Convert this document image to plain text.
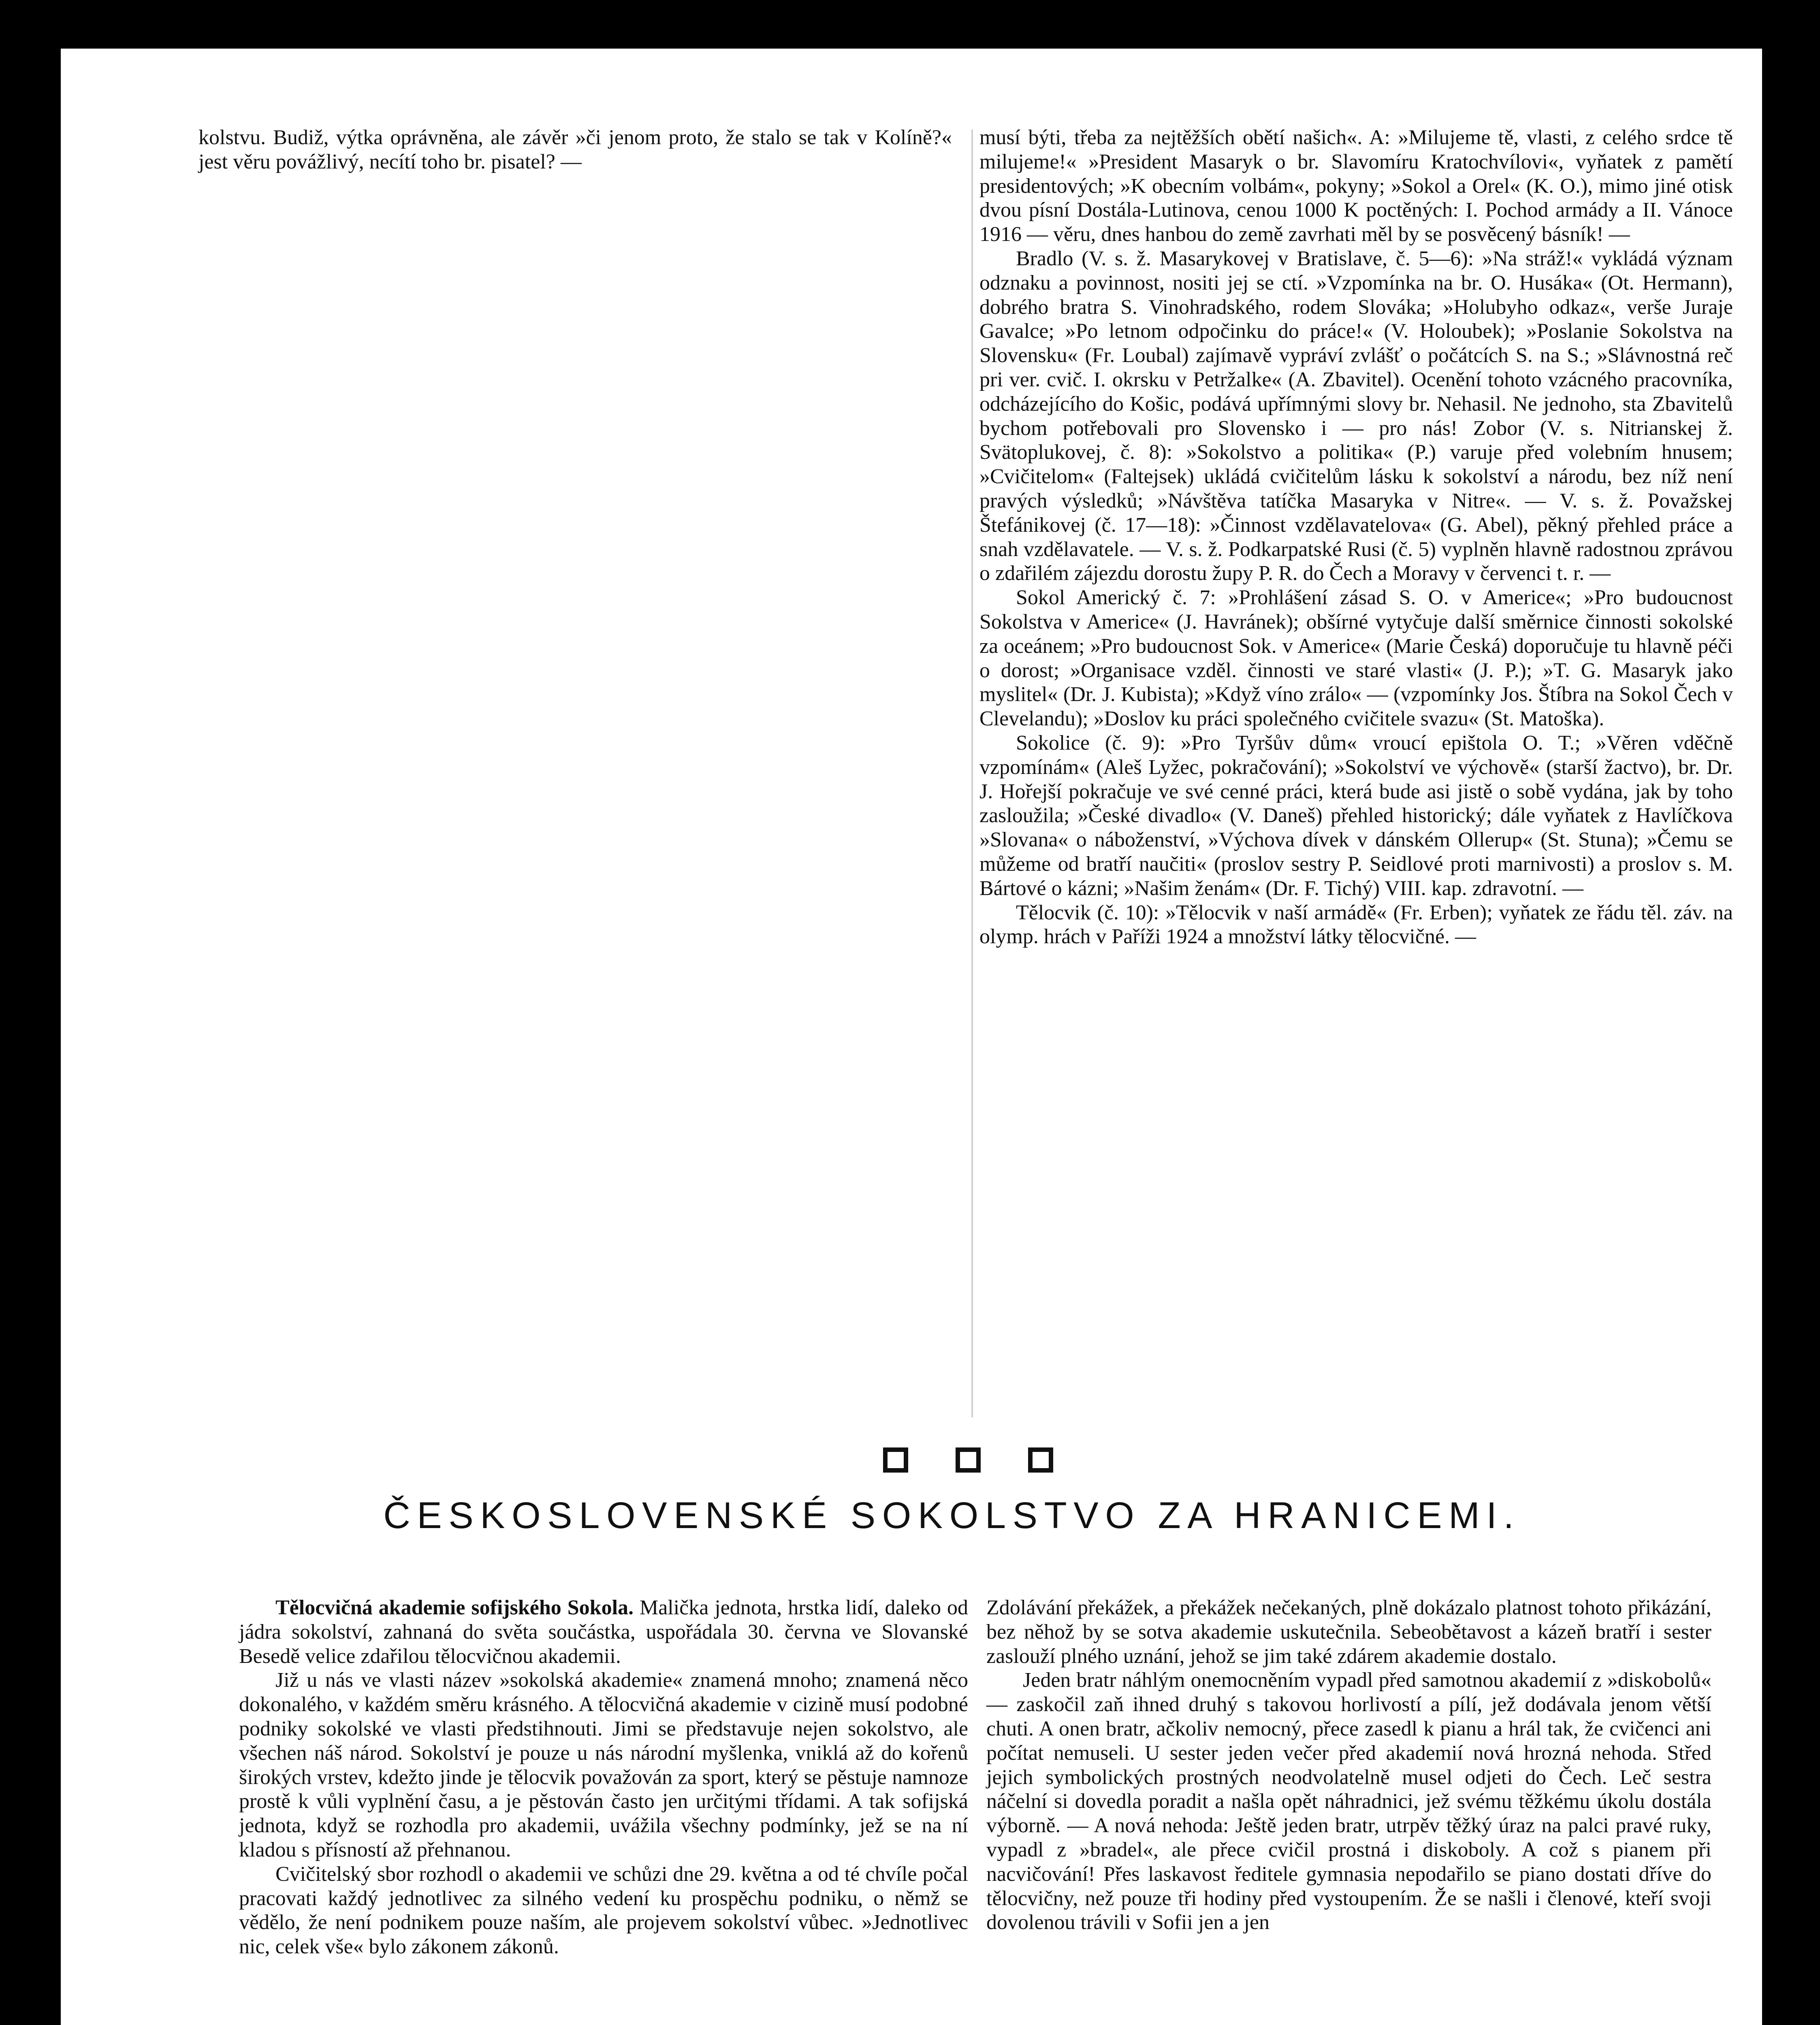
kolstvu. Budiž, výtka oprávněna, ale závěr »či jenom proto, že stalo se tak v Kolíně?« jest věru povážlivý, necítí toho br. pisatel? —

musí býti, třeba za nejtěžších obětí našich«. A: »Milujeme tě, vlasti, z celého srdce tě milujeme!« »President Masaryk o br. Slavomíru Kratochvílovi«, vyňatek z pamětí presidentových; »K obecním volbám«, pokyny; »Sokol a Orel« (K. O.), mimo jiné otisk dvou písní Dostála-Lutinova, cenou 1000 K poctěných: I. Pochod armády a II. Vánoce 1916 — věru, dnes hanbou do země zavrhati měl by se posvěcený básník! —

Bradlo (V. s. ž. Masarykovej v Bratislave, č. 5—6): »Na stráž!« vykládá význam odznaku a povinnost, nositi jej se ctí. »Vzpomínka na br. O. Husáka« (Ot. Hermann), dobrého bratra S. Vinohradského, rodem Slováka; »Holubyho odkaz«, verše Juraje Gavalce; »Po letnom odpočinku do práce!« (V. Holoubek); »Poslanie Sokolstva na Slovensku« (Fr. Loubal) zajímavě vypráví zvlášť o počátcích S. na S.; »Slávnostná reč pri ver. cvič. I. okrsku v Petržalke« (A. Zbavitel). Ocenění tohoto vzácného pracovníka, odcházejícího do Košic, podává upřímnými slovy br. Nehasil. Ne jednoho, sta Zbavitelů bychom potřebovali pro Slovensko i — pro nás! Zobor (V. s. Nitrianskej ž. Svätoplukovej, č. 8): »Sokolstvo a politika« (P.) varuje před volebním hnusem; »Cvičitelom« (Faltejsek) ukládá cvičitelům lásku k sokolství a národu, bez níž není pravých výsledků; »Návštěva tatíčka Masaryka v Nitre«. — V. s. ž. Považskej Štefánikovej (č. 17—18): »Činnost vzdělavatelova« (G. Abel), pěkný přehled práce a snah vzdělavatele. — V. s. ž. Podkarpatské Rusi (č. 5) vyplněn hlavně radostnou zprávou o zdařilém zájezdu dorostu župy P. R. do Čech a Moravy v červenci t. r. —

Sokol Americký č. 7: »Prohlášení zásad S. O. v Americe«; »Pro budoucnost Sokolstva v Americe« (J. Havránek); obšírné vytyčuje další směrnice činnosti sokolské za oceánem; »Pro budoucnost Sok. v Americe« (Marie Česká) doporučuje tu hlavně péči o dorost; »Organisace vzděl. činnosti ve staré vlasti« (J. P.); »T. G. Masaryk jako myslitel« (Dr. J. Kubista); »Když víno zrálo« — (vzpomínky Jos. Štíbra na Sokol Čech v Clevelandu); »Doslov ku práci společného cvičitele svazu« (St. Matoška).

Sokolice (č. 9): »Pro Tyršův dům« vroucí epištola O. T.; »Věren vděčně vzpomínám« (Aleš Lyžec, pokračování); »Sokolství ve výchově« (starší žactvo), br. Dr. J. Hořejší pokračuje ve své cenné práci, která bude asi jistě o sobě vydána, jak by toho zasloužila; »České divadlo« (V. Daneš) přehled historický; dále vyňatek z Havlíčkova »Slovana« o náboženství, »Výchova dívek v dánském Ollerup« (St. Stuna); »Čemu se můžeme od bratří naučiti« (proslov sestry P. Seidlové proti marnivosti) a proslov s. M. Bártové o kázni; »Našim ženám« (Dr. F. Tichý) VIII. kap. zdravotní. —

Tělocvik (č. 10): »Tělocvik v naší armádě« (Fr. Erben); vyňatek ze řádu těl. záv. na olymp. hrách v Paříži 1924 a množství látky tělocvičné. —

ČESKOSLOVENSKÉ SOKOLSTVO ZA HRANICEMI.

Tělocvičná akademie sofijského Sokola. Malička jednota, hrstka lidí, daleko od jádra sokolství, zahnaná do světa součástka, uspořádala 30. června ve Slovanské Besedě velice zdařilou tělocvičnou akademii.

Již u nás ve vlasti název »sokolská akademie« znamená mnoho; znamená něco dokonalého, v každém směru krásného. A tělocvičná akademie v cizině musí podobné podniky sokolské ve vlasti předstihnouti. Jimi se představuje nejen sokolstvo, ale všechen náš národ. Sokolství je pouze u nás národní myšlenka, vniklá až do kořenů širokých vrstev, kdežto jinde je tělocvik považován za sport, který se pěstuje namnoze prostě k vůli vyplnění času, a je pěstován často jen určitými třídami. A tak sofijská jednota, když se rozhodla pro akademii, uvážila všechny podmínky, jež se na ní kladou s přísností až přehnanou.

Cvičitelský sbor rozhodl o akademii ve schůzi dne 29. května a od té chvíle počal pracovati každý jednotlivec za silného vedení ku prospěchu podniku, o němž se vědělo, že není podnikem pouze naším, ale projevem sokolství vůbec. »Jednotlivec nic, celek vše« bylo zákonem zákonů.

Zdolávání překážek, a překážek nečekaných, plně dokázalo platnost tohoto přikázání, bez něhož by se sotva akademie uskutečnila. Sebeobětavost a kázeň bratří i sester zaslouží plného uznání, jehož se jim také zdárem akademie dostalo.

Jeden bratr náhlým onemocněním vypadl před samotnou akademií z »diskobolů« — zaskočil zaň ihned druhý s takovou horlivostí a pílí, jež dodávala jenom větší chuti. A onen bratr, ačkoliv nemocný, přece zasedl k pianu a hrál tak, že cvičenci ani počítat nemuseli. U sester jeden večer před akademií nová hrozná nehoda. Střed jejich symbolických prostných neodvolatelně musel odjeti do Čech. Leč sestra náčelní si dovedla poradit a našla opět náhradnici, jež svému těžkému úkolu dostála výborně. — A nová nehoda: Ještě jeden bratr, utrpěv těžký úraz na palci pravé ruky, vypadl z »bradel«, ale přece cvičil prostná i diskoboly. A což s pianem při nacvičování! Přes laskavost ředitele gymnasia nepodařilo se piano dostati dříve do tělocvičny, než pouze tři hodiny před vystoupením. Že se našli i členové, kteří svoji dovolenou trávili v Sofii jen a jen
